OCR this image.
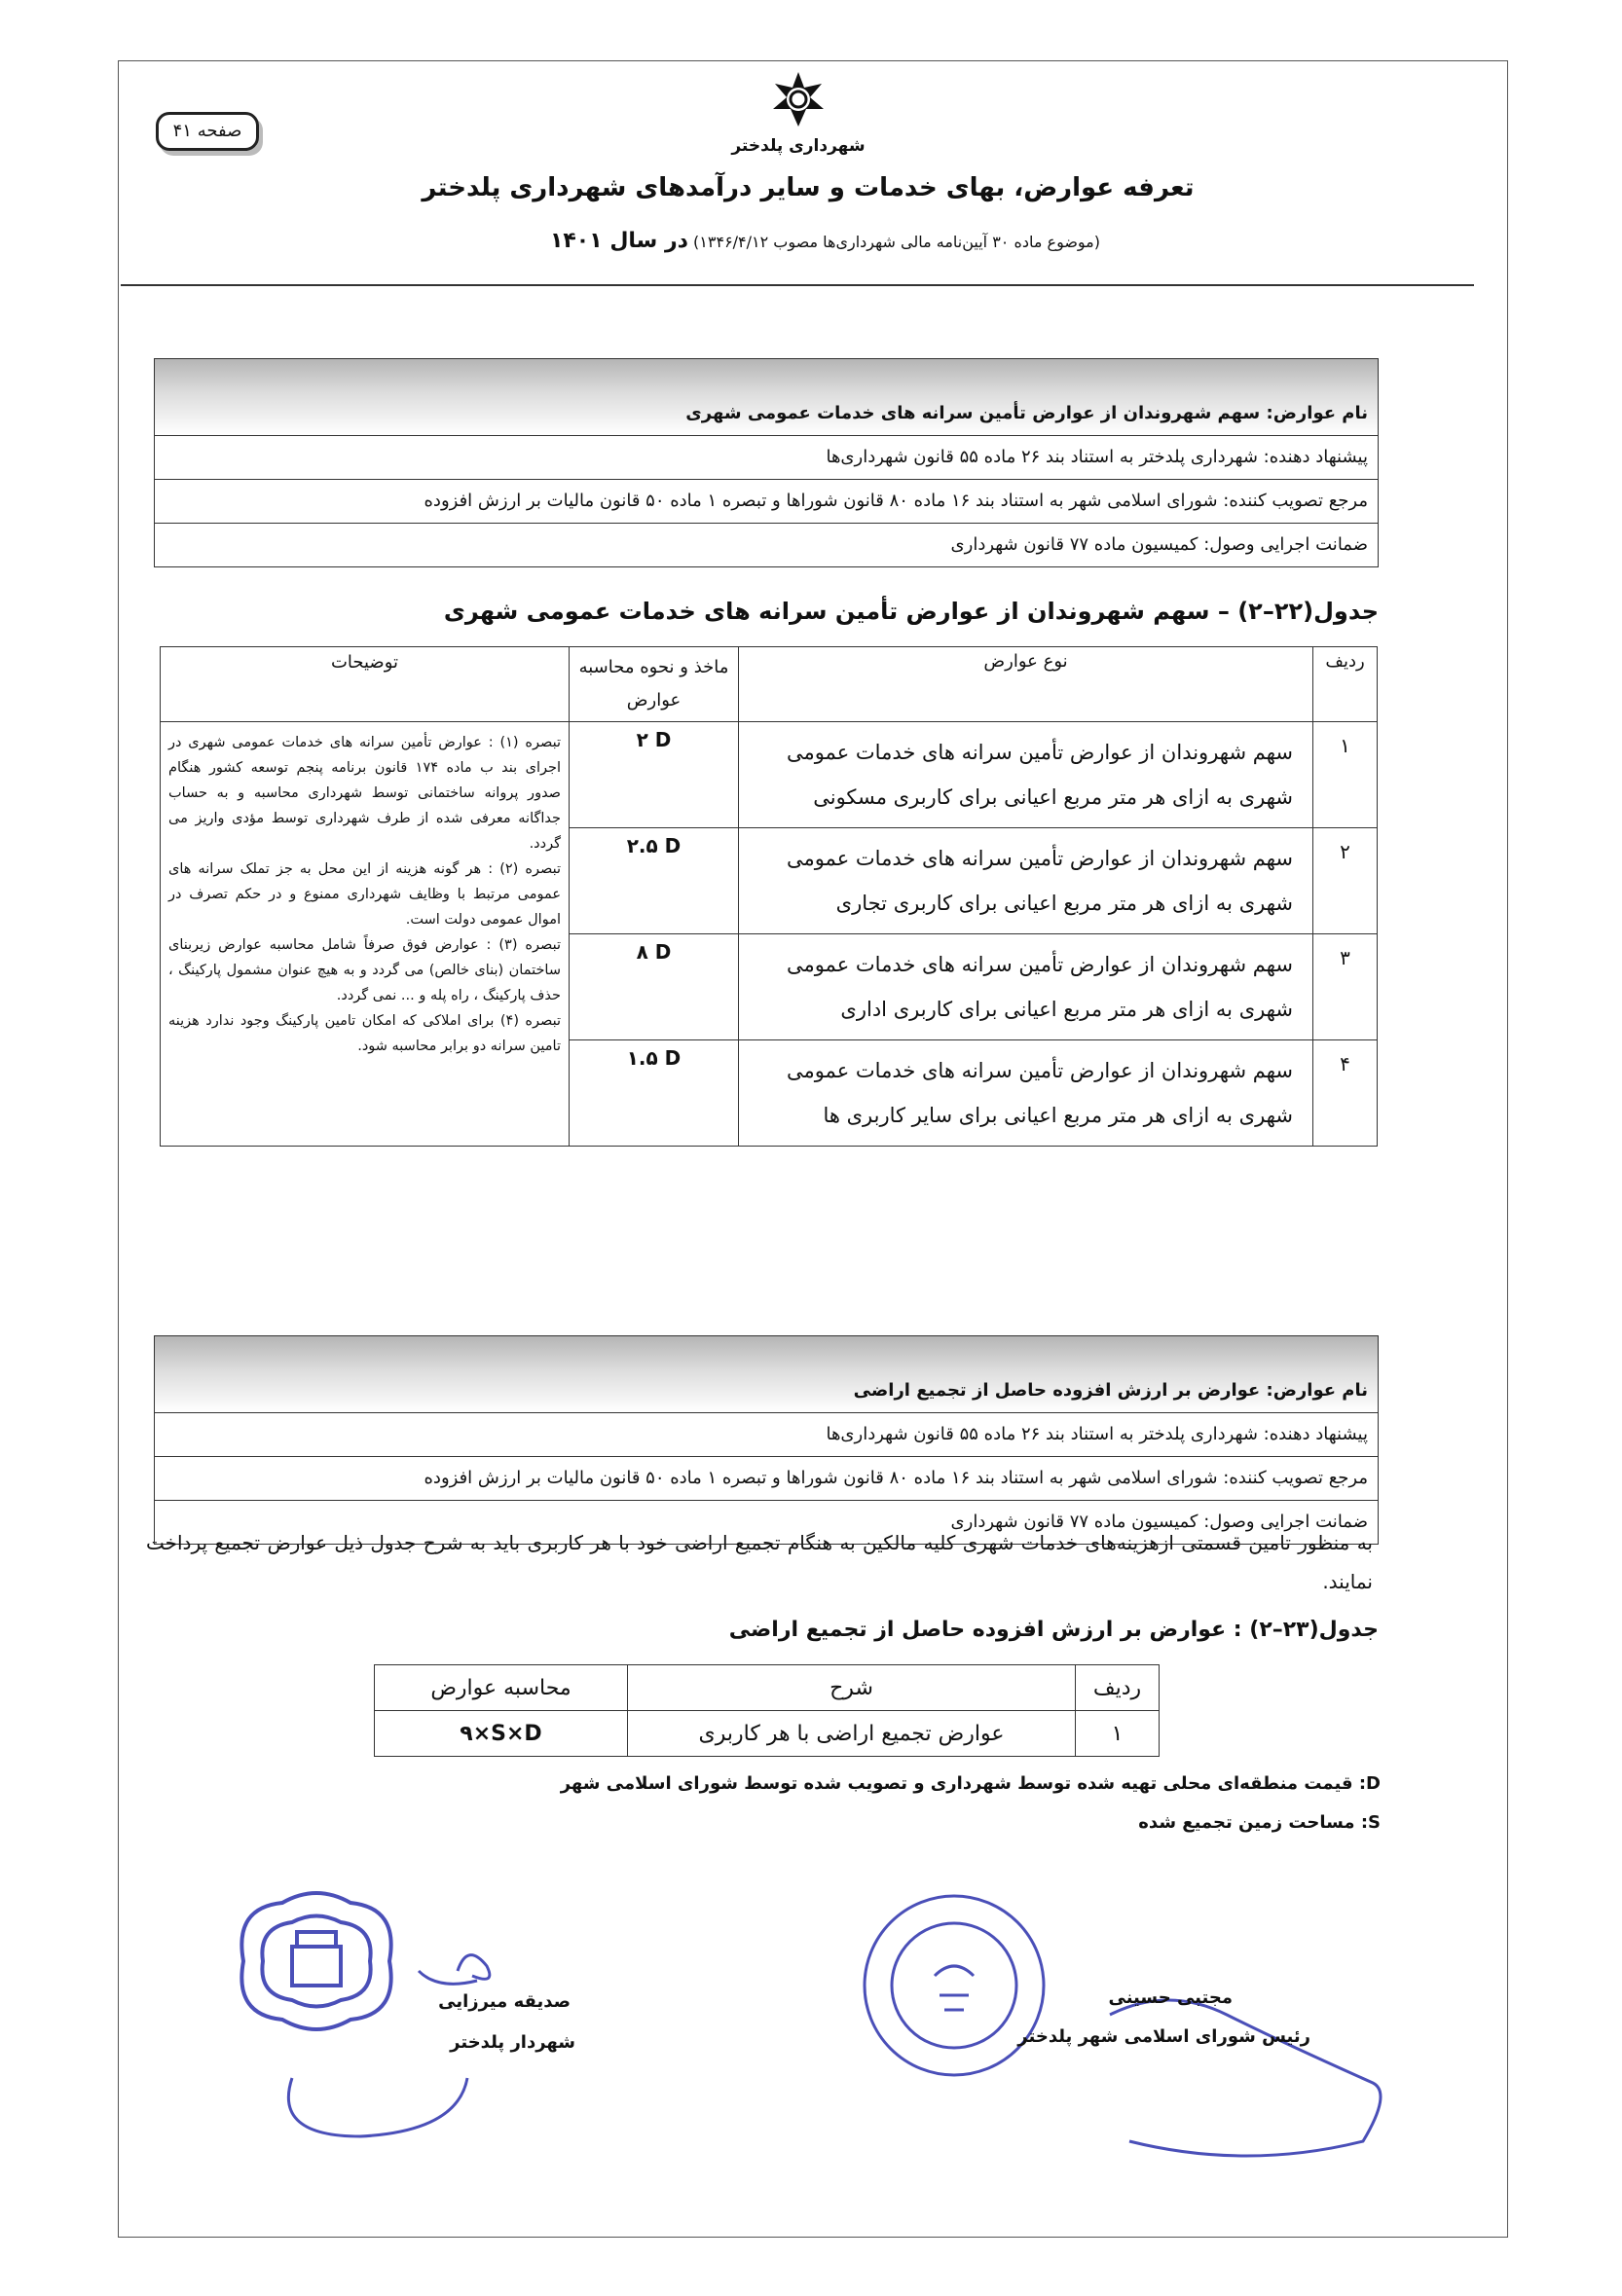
صفحه ۴۱
شهرداری پلدختر
تعرفه عوارض، بهای خدمات و سایر درآمدهای شهرداری پلدختر
(موضوع ماده ۳۰ آیین‌نامه مالی شهرداری‌ها مصوب ۱۳۴۶/۴/۱۲) در سال ۱۴۰۱
نام عوارض: سهم شهروندان از عوارض تأمین سرانه های خدمات عمومی شهری
پیشنهاد دهنده: شهرداری پلدختر به استناد بند ۲۶ ماده ۵۵ قانون شهرداری‌ها
مرجع تصویب کننده: شورای اسلامی شهر به استناد بند ۱۶ ماده ۸۰ قانون شوراها و تبصره ۱ ماده ۵۰ قانون مالیات بر ارزش افزوده
ضمانت اجرایی وصول: کمیسیون ماده ۷۷ قانون شهرداری
جدول(۲۲–۲) – سهم شهروندان از عوارض تأمین سرانه های خدمات عمومی شهری
ردیف	نوع عوارض	ماخذ و نحوه محاسبه عوارض	توضیحات
۱	سهم شهروندان از عوارض تأمین سرانه های خدمات عمومی شهری به ازای هر متر مربع اعیانی برای کاربری مسکونی	۲ D	تبصره (۱) : عوارض تأمین سرانه های خدمات عمومی شهری در اجرای بند ب ماده ۱۷۴ قانون برنامه پنجم توسعه کشور هنگام صدور پروانه ساختمانی توسط شهرداری محاسبه و به حساب جداگانه معرفی شده از طرف شهرداری توسط مؤدی واریز می گردد.

تبصره (۲) : هر گونه هزینه از این محل به جز تملک سرانه های عمومی مرتبط با وظایف شهرداری ممنوع و در حکم تصرف در اموال عمومی دولت است.

تبصره (۳) : عوارض فوق صرفاً شامل محاسبه عوارض زیربنای ساختمان (بنای خالص) می گردد و به هیچ عنوان مشمول پارکینگ ، حذف پارکینگ ، راه پله و ... نمی گردد.

تبصره (۴) برای املاکی که امکان تامین پارکینگ وجود ندارد هزینه تامین سرانه دو برابر محاسبه شود.

۲	سهم شهروندان از عوارض تأمین سرانه های خدمات عمومی شهری به ازای هر متر مربع اعیانی برای کاربری تجاری	۲.۵ D	
۳	سهم شهروندان از عوارض تأمین سرانه های خدمات عمومی شهری به ازای هر متر مربع اعیانی برای کاربری اداری	۸ D	
۴	سهم شهروندان از عوارض تأمین سرانه های خدمات عمومی شهری به ازای هر متر مربع اعیانی برای سایر کاربری ها	۱.۵ D	
نام عوارض: عوارض بر ارزش افزوده حاصل از تجمیع اراضی
پیشنهاد دهنده: شهرداری پلدختر به استناد بند ۲۶ ماده ۵۵ قانون شهرداری‌ها
مرجع تصویب کننده: شورای اسلامی شهر به استناد بند ۱۶ ماده ۸۰ قانون شوراها و تبصره ۱ ماده ۵۰ قانون مالیات بر ارزش افزوده
ضمانت اجرایی وصول: کمیسیون ماده ۷۷ قانون شهرداری
به منظور تامین قسمتی ازهزینه‌های خدمات شهری کلیه مالکین به هنگام تجمیع اراضی خود با هر کاربری باید به شرح جدول ذیل عوارض تجمیع پرداخت نمایند.
جدول(۲۳–۲) : عوارض بر ارزش افزوده حاصل از تجمیع اراضی
ردیف	شرح	محاسبه عوارض
۱	عوارض تجمیع اراضی با هر کاربری	۹×S×D
D: قیمت منطقه‌ای محلی تهیه شده توسط شهرداری و تصویب شده توسط شورای اسلامی شهر
S: مساحت زمین تجمیع شده
صدیقه میرزایی
شهردار پلدختر
مجتبی حسینی
رئیس شورای اسلامی شهر پلدختر
